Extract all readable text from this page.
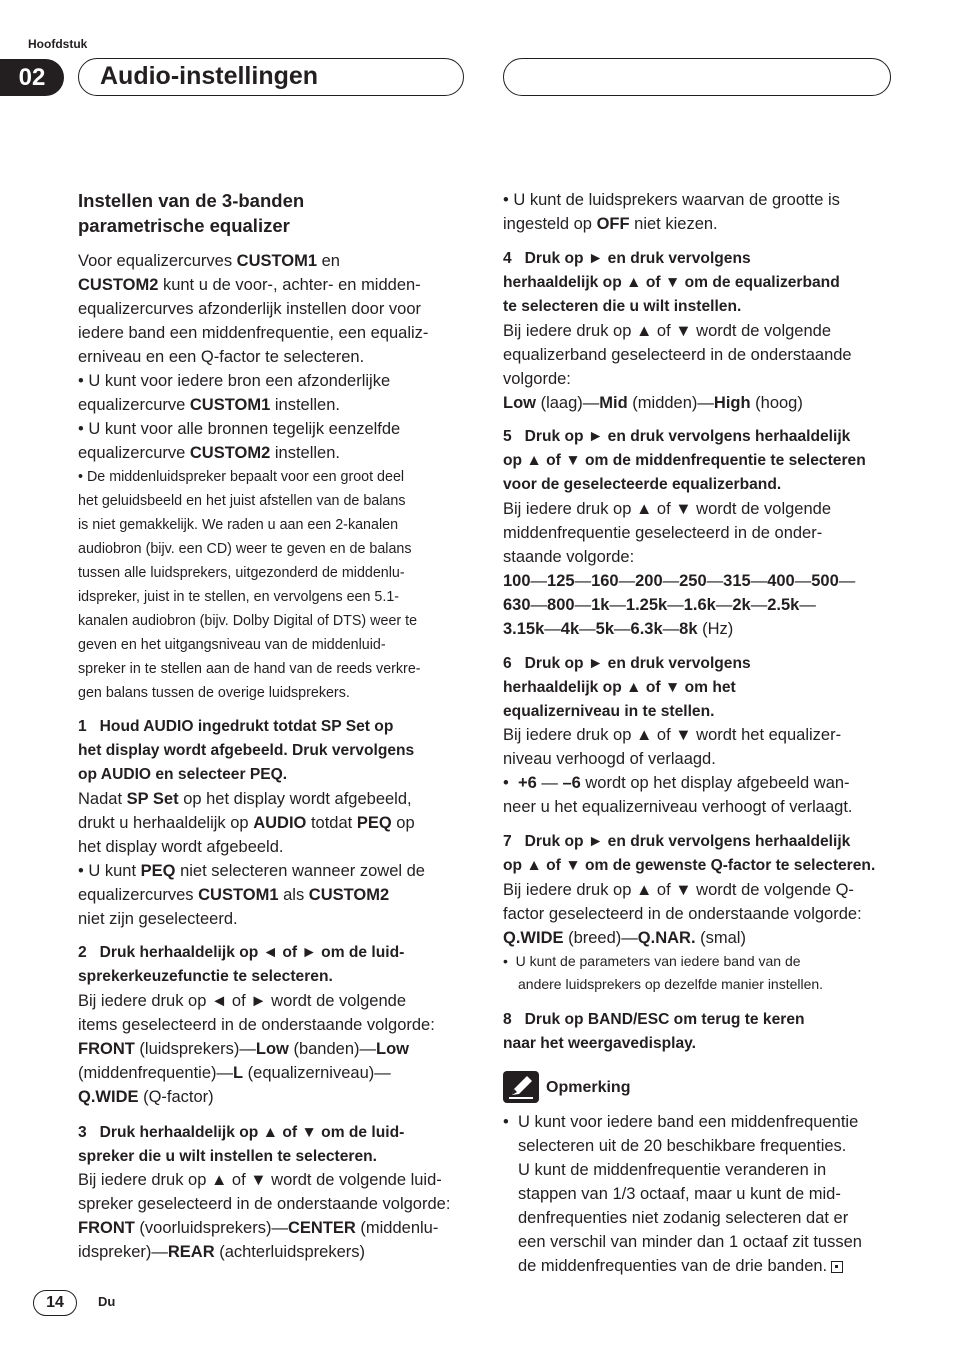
Hoofdstuk
02	Audio-instellingen
Instellen van de 3-banden
parametrische equalizer
Voor equalizercurves CUSTOM1 en
CUSTOM2 kunt u de voor-, achter- en midden-
equalizercurves afzonderlijk instellen door voor
iedere band een middenfrequentie, een equaliz-
erniveau en een Q-factor te selecteren.
• U kunt voor iedere bron een afzonderlijke
equalizercurve CUSTOM1 instellen.
• U kunt voor alle bronnen tegelijk eenzelfde
equalizercurve CUSTOM2 instellen.
• De middenluidspreker bepaalt voor een groot deel
het geluidsbeeld en het juist afstellen van de balans
is niet gemakkelijk. We raden u aan een 2-kanalen
audiobron (bijv. een CD) weer te geven en de balans
tussen alle luidsprekers, uitgezonderd de middenlu-
idspreker, juist in te stellen, en vervolgens een 5.1-
kanalen audiobron (bijv. Dolby Digital of DTS) weer te
geven en het uitgangsniveau van de middenluid-
spreker in te stellen aan de hand van de reeds verkre-
gen balans tussen de overige luidsprekers.
1   Houd AUDIO ingedrukt totdat SP Set op
het display wordt afgebeeld. Druk vervolgens
op AUDIO en selecteer PEQ.
Nadat SP Set op het display wordt afgebeeld,
drukt u herhaaldelijk op AUDIO totdat PEQ op
het display wordt afgebeeld.
• U kunt PEQ niet selecteren wanneer zowel de
equalizercurves CUSTOM1 als CUSTOM2
niet zijn geselecteerd.
2   Druk herhaaldelijk op ◄ of ► om de luid-
sprekerkeuzefunctie te selecteren.
Bij iedere druk op ◄ of ► wordt de volgende
items geselecteerd in de onderstaande volgorde:
FRONT (luidsprekers)—Low (banden)—Low
(middenfrequentie)—L (equalizerniveau)—
Q.WIDE (Q-factor)
3   Druk herhaaldelijk op ▲ of ▼ om de luid-
spreker die u wilt instellen te selecteren.
Bij iedere druk op ▲ of ▼ wordt de volgende luid-
spreker geselecteerd in de onderstaande volgorde:
FRONT (voorluidsprekers)—CENTER (middenlu-
idspreker)—REAR (achterluidsprekers)
• U kunt de luidsprekers waarvan de grootte is
ingesteld op OFF niet kiezen.
4   Druk op ► en druk vervolgens
herhaaldelijk op ▲ of ▼ om de equalizerband
te selecteren die u wilt instellen.
Bij iedere druk op ▲ of ▼ wordt de volgende
equalizerband geselecteerd in de onderstaande
volgorde:
Low (laag)—Mid (midden)—High (hoog)
5   Druk op ► en druk vervolgens herhaaldelijk
op ▲ of ▼ om de middenfrequentie te selecteren
voor de geselecteerde equalizerband.
Bij iedere druk op ▲ of ▼ wordt de volgende
middenfrequentie geselecteerd in de onder-
staande volgorde:
100—125—160—200—250—315—400—500—
630—800—1k—1.25k—1.6k—2k—2.5k—
3.15k—4k—5k—6.3k—8k (Hz)
6   Druk op ► en druk vervolgens
herhaaldelijk op ▲ of ▼ om het
equalizerniveau in te stellen.
Bij iedere druk op ▲ of ▼ wordt het equalizer-
niveau verhoogd of verlaagd.
•  +6 — –6 wordt op het display afgebeeld wan-
neer u het equalizerniveau verhoogt of verlaagt.
7   Druk op ► en druk vervolgens herhaaldelijk
op ▲ of ▼ om de gewenste Q-factor te selecteren.
Bij iedere druk op ▲ of ▼ wordt de volgende Q-
factor geselecteerd in de onderstaande volgorde:
Q.WIDE (breed)—Q.NAR. (smal)
•  U kunt de parameters van iedere band van de
andere luidsprekers op dezelfde manier instellen.
8   Druk op BAND/ESC om terug te keren
naar het weergavedisplay.
•  U kunt voor iedere band een middenfrequentie
selecteren uit de 20 beschikbare frequenties.
U kunt de middenfrequentie veranderen in
stappen van 1/3 octaaf, maar u kunt de mid-
denfrequenties niet zodanig selecteren dat er
een verschil van minder dan 1 octaaf zit tussen
de middenfrequenties van de drie banden.
Opmerking
14	Du
